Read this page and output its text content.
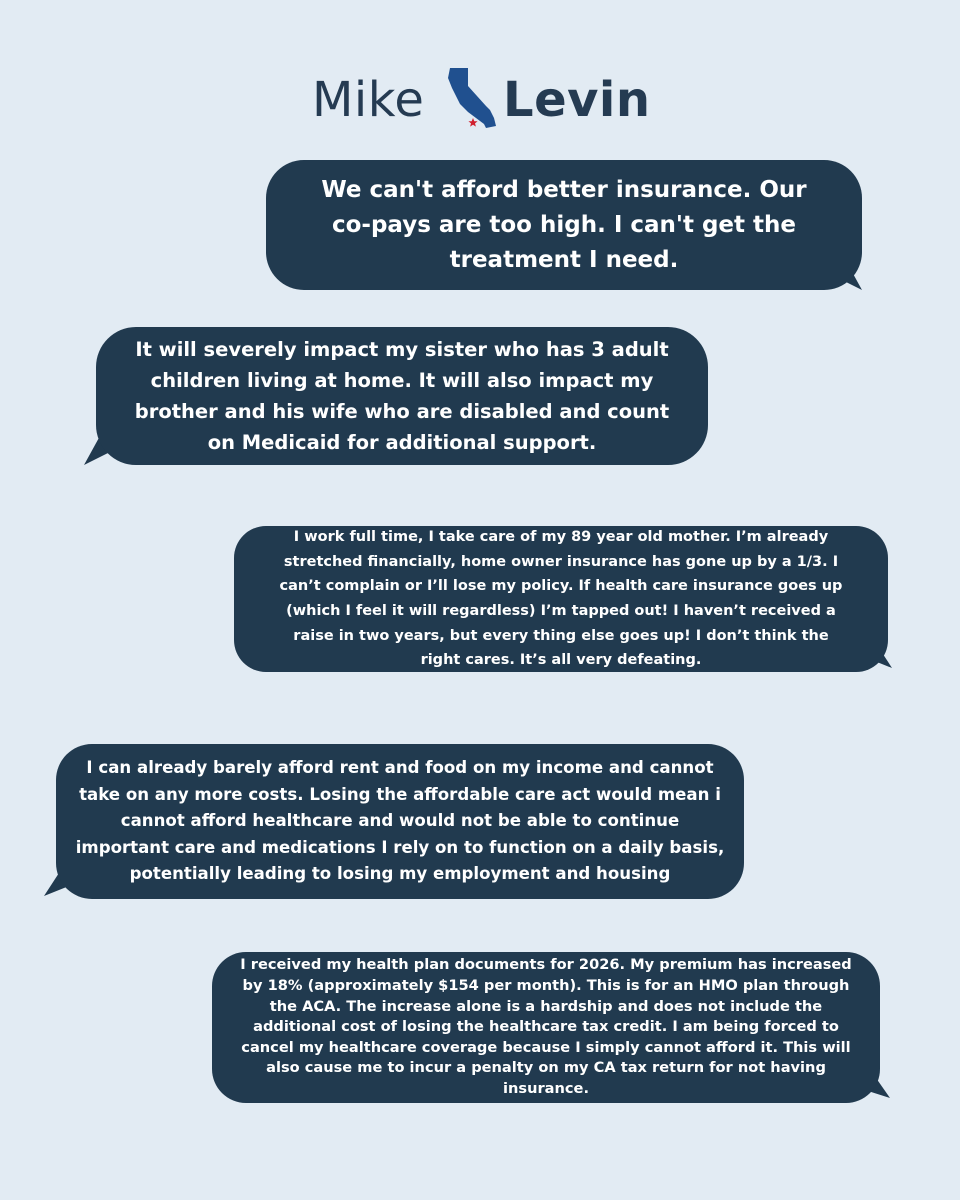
Mike Levin
We can't afford better insurance. Our
co-pays are too high. I can't get the
treatment I need.
It will severely impact my sister who has 3 adult
children living at home. It will also impact my
brother and his wife who are disabled and count
on Medicaid for additional support.
I work full time, I take care of my 89 year old mother. I’m already
stretched financially, home owner insurance has gone up by a 1/3. I
can’t complain or I’ll lose my policy. If health care insurance goes up
(which I feel it will regardless) I’m tapped out! I haven’t received a
raise in two years, but every thing else goes up! I don’t think the
right cares. It’s all very defeating.
I can already barely afford rent and food on my income and cannot
take on any more costs. Losing the affordable care act would mean i
cannot afford healthcare and would not be able to continue
important care and medications I rely on to function on a daily basis,
potentially leading to losing my employment and housing
I received my health plan documents for 2026. My premium has increased
by 18% (approximately $154 per month). This is for an HMO plan through
the ACA. The increase alone is a hardship and does not include the
additional cost of losing the healthcare tax credit. I am being forced to
cancel my healthcare coverage because I simply cannot afford it. This will
also cause me to incur a penalty on my CA tax return for not having
insurance.
